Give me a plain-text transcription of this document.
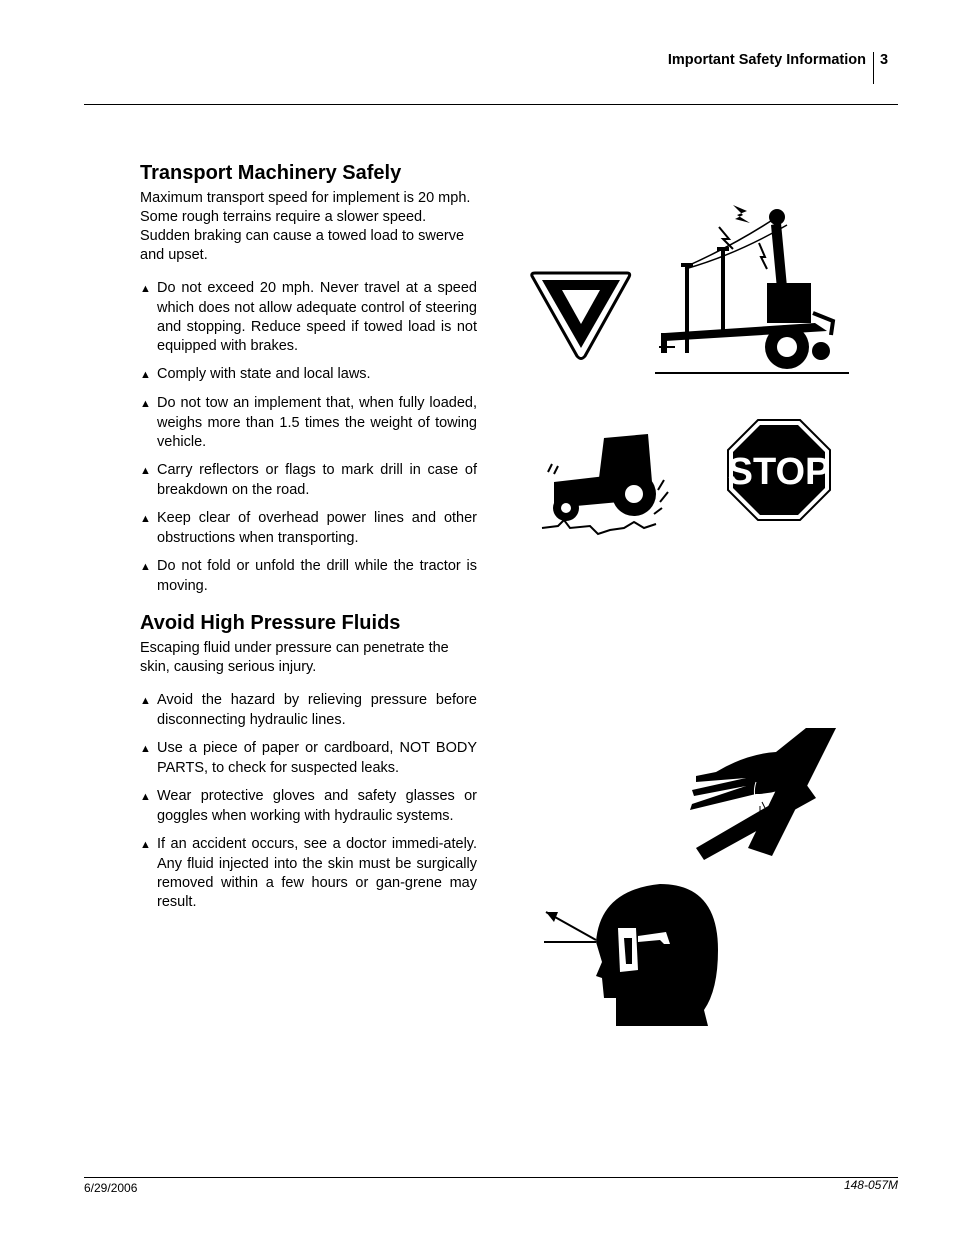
Important Safety Information 3
Transport Machinery Safely

Maximum transport speed for implement is 20 mph. Some rough terrains require a slower speed. Sudden braking can cause a towed load to swerve and upset.

▲ Do not exceed 20 mph. Never travel at a speed which does not allow adequate control of steering and stopping. Reduce speed if towed load is not equipped with brakes.
▲ Comply with state and local laws.
▲ Do not tow an implement that, when fully loaded, weighs more than 1.5 times the weight of towing vehicle.
▲ Carry reflectors or flags to mark drill in case of breakdown on the road.
▲ Keep clear of overhead power lines and other obstructions when transporting.
▲ Do not fold or unfold the drill while the tractor is moving.
Avoid High Pressure Fluids

Escaping fluid under pressure can penetrate the skin, causing serious injury.

▲ Avoid the hazard by relieving pressure before disconnecting hydraulic lines.
▲ Use a piece of paper or cardboard, NOT BODY PARTS, to check for suspected leaks.
▲ Wear protective gloves and safety glasses or goggles when working with hydraulic systems.
▲ If an accident occurs, see a doctor immedi-ately. Any fluid injected into the skin must be surgically removed within a few hours or gan-grene may result.
STOP
6/29/2006	148-057M
